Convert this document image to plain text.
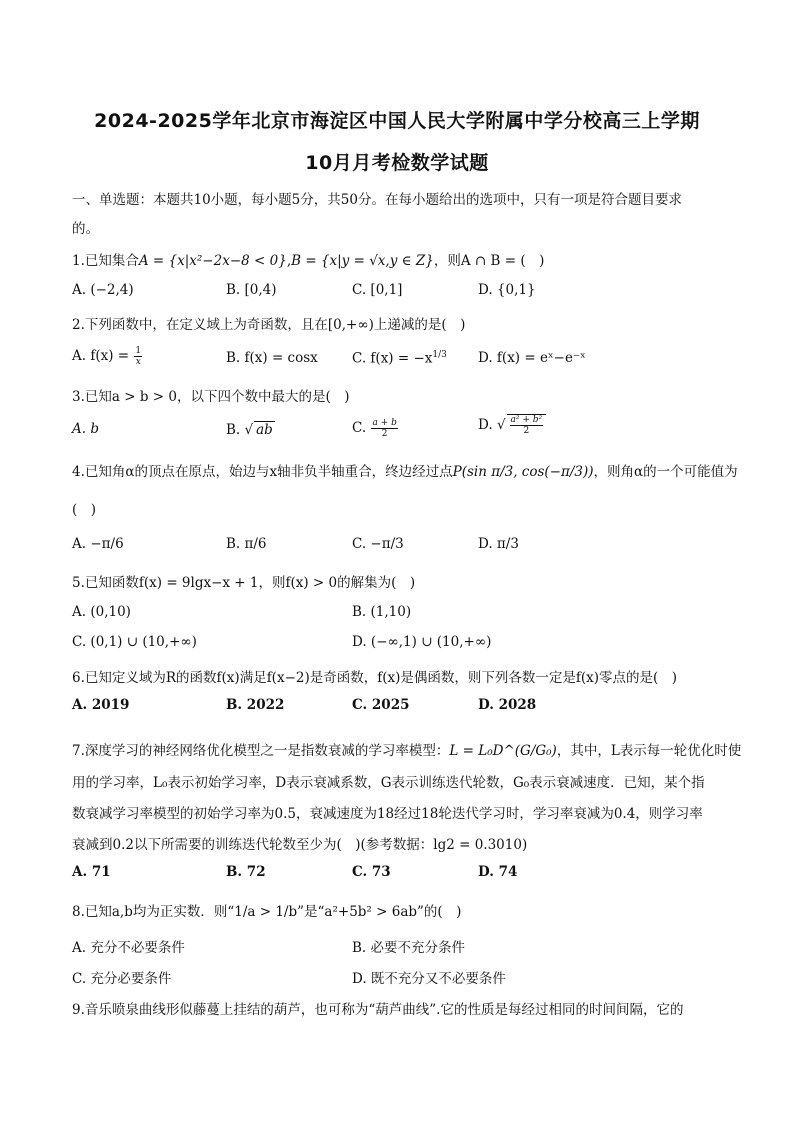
2024-2025学年北京市海淀区中国人民大学附属中学分校高三上学期
10月月考检数学试题
一、单选题：本题共10小题，每小题5分，共50分。在每小题给出的选项中，只有一项是符合题目要求
的。
1.已知集合A = {x|x²−2x−8 < 0},B = {x|y = √x,y ∈ Z}，则A ∩ B = (　)
A. (−2,4)	B. [0,4)	C. [0,1]	D. {0,1}
2.下列函数中，在定义域上为奇函数，且在[0,+∞)上递减的是(　)
A. $f(x) = \frac{1}{x}$	B. f(x) = cosx	C. $f(x) = -x^{1/3}$ D. f(x) = eˣ−e⁻ˣ
3.已知a > b > 0，以下四个数中最大的是(　)
A. b	B. √ ab	C. $\frac{a + b}{2}$	D. √ $\frac{\text{a² + b²}}{2}$
4.已知角α的顶点在原点，始边与x轴非负半轴重合，终边经过点P(sin π/3, cos(−π/3))，则角α的一个可能值为
(　)
A. −π/6	B. π/6	C. −π/3	D. π/3
5.已知函数f(x) = 9lgx−x + 1，则f(x) > 0的解集为(　)
A. (0,10)	B. (1,10)
C. (0,1) ∪ (10,+∞)	D. (−∞,1) ∪ (10,+∞)
6.已知定义域为R的函数f(x)满足f(x−2)是奇函数，f(x)是偶函数，则下列各数一定是f(x)零点的是(　)
A. 2019	B. 2022	C. 2025	D. 2028
7.深度学习的神经网络优化模型之一是指数衰减的学习率模型：L = L₀D^(G/G₀)，其中，L表示每一轮优化时使
用的学习率，L₀表示初始学习率，D表示衰减系数，G表示训练迭代轮数，G₀表示衰减速度．已知，某个指
数衰减学习率模型的初始学习率为0.5，衰减速度为18经过18轮迭代学习时，学习率衰减为0.4，则学习率
衰减到0.2以下所需要的训练迭代轮数至少为(　)(参考数据：lg2 = 0.3010)
A. 71	B. 72	C. 73	D. 74
8.已知a,b均为正实数．则“1/a > 1/b”是“a²+5b² > 6ab”的(　)
A. 充分不必要条件	B. 必要不充分条件
C. 充分必要条件	D. 既不充分又不必要条件
9.音乐喷泉曲线形似藤蔓上挂结的葫芦，也可称为“葫芦曲线”.它的性质是每经过相同的时间间隔，它的
